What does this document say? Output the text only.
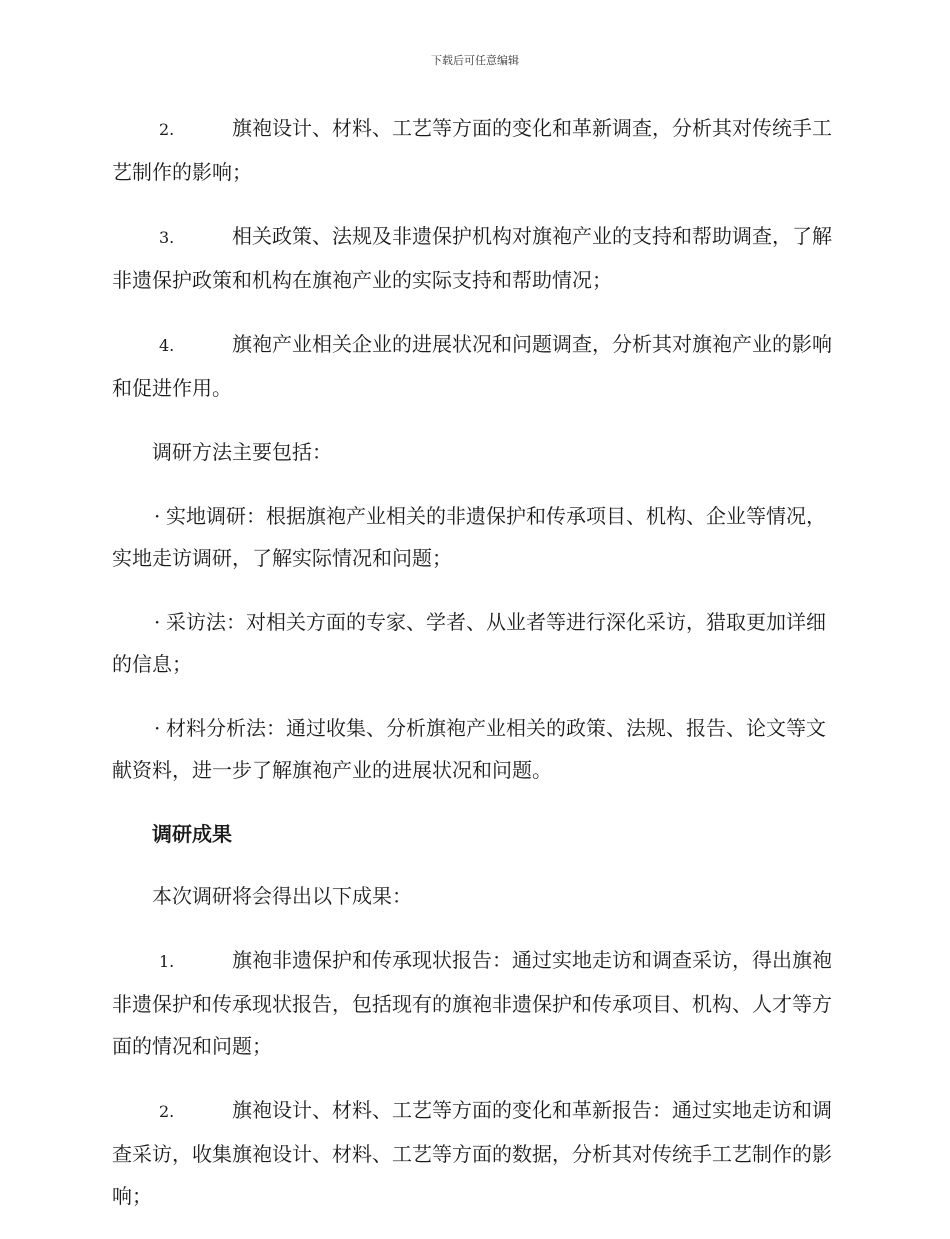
下载后可任意编辑

2.	旗袍设计、材料、工艺等方面的变化和革新调查，分析其对传统手工艺制作的影响；

3.	相关政策、法规及非遗保护机构对旗袍产业的支持和帮助调查，了解非遗保护政策和机构在旗袍产业的实际支持和帮助情况；

4.	旗袍产业相关企业的进展状况和问题调查，分析其对旗袍产业的影响和促进作用。

调研方法主要包括：

· 实地调研：根据旗袍产业相关的非遗保护和传承项目、机构、企业等情况，实地走访调研，了解实际情况和问题；

· 采访法：对相关方面的专家、学者、从业者等进行深化采访，猎取更加详细的信息；

· 材料分析法：通过收集、分析旗袍产业相关的政策、法规、报告、论文等文献资料，进一步了解旗袍产业的进展状况和问题。

调研成果

本次调研将会得出以下成果：

1.	旗袍非遗保护和传承现状报告：通过实地走访和调查采访，得出旗袍非遗保护和传承现状报告，包括现有的旗袍非遗保护和传承项目、机构、人才等方面的情况和问题；

2.	旗袍设计、材料、工艺等方面的变化和革新报告：通过实地走访和调查采访，收集旗袍设计、材料、工艺等方面的数据，分析其对传统手工艺制作的影响；
